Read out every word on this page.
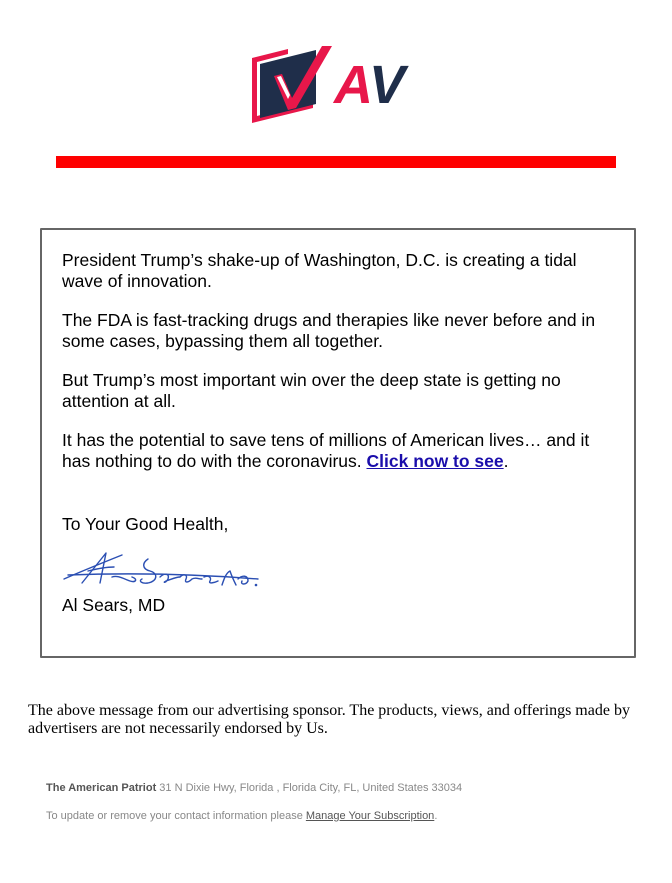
AV

President Trump’s shake-up of Washington, D.C. is creating a tidal wave of innovation.

The FDA is fast-tracking drugs and therapies like never before and in some cases, bypassing them all together.

But Trump’s most important win over the deep state is getting no attention at all.

It has the potential to save tens of millions of American lives… and it has nothing to do with the coronavirus. Click now to see.

To Your Good Health,

Al Sears, MD.

Al Sears, MD

The above message from our advertising sponsor. The products, views, and offerings made by advertisers are not necessarily endorsed by Us.
The American Patriot 31 N Dixie Hwy, Florida , Florida City, FL, United States 33034
To update or remove your contact information please Manage Your Subscription.
